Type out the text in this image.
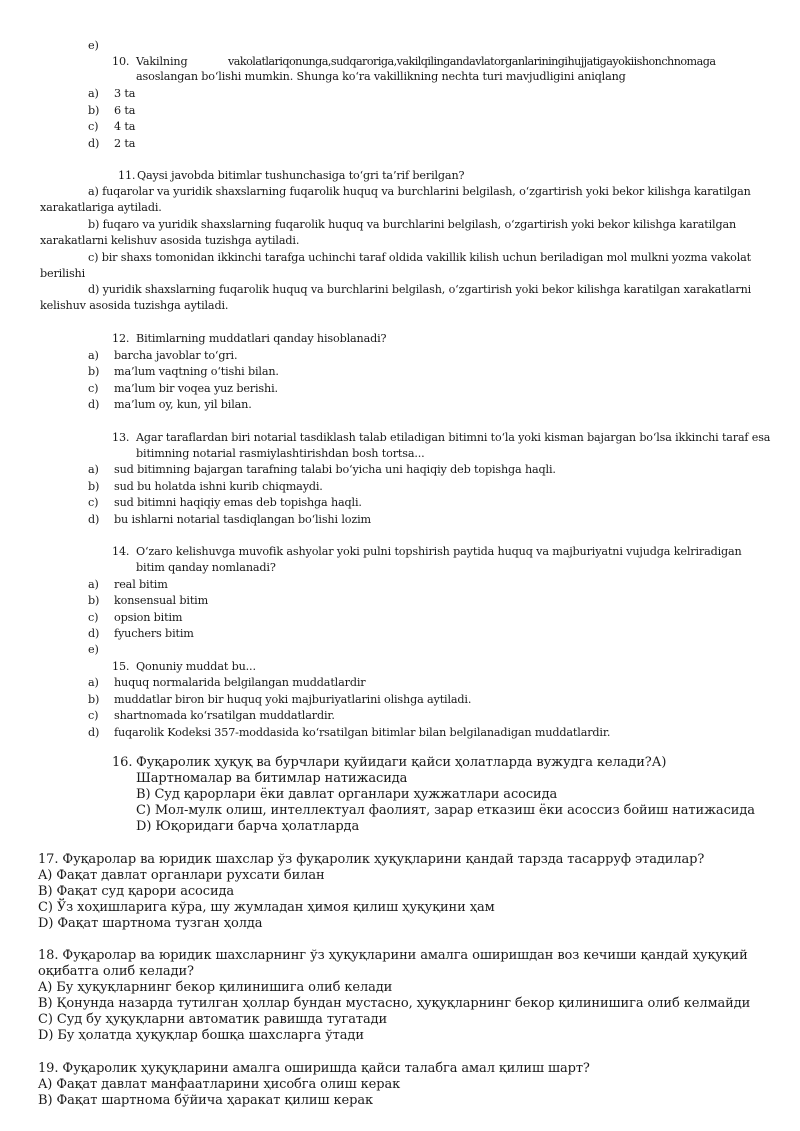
e)
10. Vakilning	vakolatlariqonunga,sudqaroriga,vakilqilingandavlatorganlariningihujjatigayokiishonchnomaga
asoslangan bo‘lishi mumkin. Shunga ko‘ra vakillikning nechta turi mavjudligini aniqlang
a) 3 ta
b) 6 ta
c) 4 ta
d) 2 ta
11. Qaysi javobda bitimlar tushunchasiga to‘gri ta’rif berilgan?
a) fuqarolar va yuridik shaxslarning fuqarolik huquq va burchlarini belgilash, o‘zgartirish yoki bekor kilishga karatilgan
xarakatlariga aytiladi.
b) fuqaro va yuridik shaxslarning fuqarolik huquq va burchlarini belgilash, o‘zgartirish yoki bekor kilishga karatilgan
xarakatlarni kelishuv asosida tuzishga aytiladi.
c) bir shaxs tomonidan ikkinchi tarafga uchinchi taraf oldida vakillik kilish uchun beriladigan mol mulkni yozma vakolat
berilishi
d) yuridik shaxslarning fuqarolik huquq va burchlarini belgilash, o‘zgartirish yoki bekor kilishga karatilgan xarakatlarni
kelishuv asosida tuzishga aytiladi.
12. Bitimlarning muddatlari qanday hisoblanadi?
a) barcha javoblar to‘gri.
b) ma’lum vaqtning o‘tishi bilan.
c) ma’lum bir voqea yuz berishi.
d) ma’lum oy, kun, yil bilan.
13. Agar taraflardan biri notarial tasdiklash talab etiladigan bitimni to‘la yoki kisman bajargan bo‘lsa ikkinchi taraf esa
bitimning notarial rasmiylashtirishdan bosh tortsa...
a) sud bitimning bajargan tarafning talabi bo‘yicha uni haqiqiy deb topishga haqli.
b) sud bu holatda ishni kurib chiqmaydi.
c) sud bitimni haqiqiy emas deb topishga haqli.
d) bu ishlarni notarial tasdiqlangan bo‘lishi lozim
14. O‘zaro kelishuvga muvofik ashyolar yoki pulni topshirish paytida huquq va majburiyatni vujudga kelriradigan
bitim qanday nomlanadi?
a) real bitim
b) konsensual bitim
c) opsion bitim
d) fyuchers bitim
e)
15. Qonuniy muddat bu...
a) huquq normalarida belgilangan muddatlardir
b) muddatlar biron bir huquq yoki majburiyatlarini olishga aytiladi.
c) shartnomada ko‘rsatilgan muddatlardir.
d) fuqarolik Kodeksi 357-moddasida ko‘rsatilgan bitimlar bilan belgilanadigan muddatlardir.
16. Фуқаролик ҳуқуқ ва бурчлари қуйидаги қайси ҳолатларда вужудга келади?А)
Шартномалар ва битимлар натижасида
B) Суд қарорлари ёки давлат органлари ҳужжатлари асосида
C) Мол-мулк олиш, интеллектуал фаолият, зарар етказиш ёки асоссиз бойиш натижасида
D) Юқоридаги барча ҳолатларда
17. Фуқаролар ва юридик шахслар ўз фуқаролик ҳуқуқларини қандай тарзда тасарруф этадилар?
A) Фақат давлат органлари рухсати билан
B) Фақат суд қарори асосида
C) Ўз хоҳишларига кўра, шу жумладан ҳимоя қилиш ҳуқуқини ҳам
D) Фақат шартнома тузган ҳолда
18. Фуқаролар ва юридик шахсларнинг ўз ҳуқуқларини амалга оширишдан воз кечиши қандай ҳуқуқий
оқибатга олиб келади?
A) Бу ҳуқуқларнинг бекор қилинишига олиб келади
B) Қонунда назарда тутилган ҳоллар бундан мустасно, ҳуқуқларнинг бекор қилинишига олиб келмайди
C) Суд бу ҳуқуқларни автоматик равишда тугатади
D) Бу ҳолатда ҳуқуқлар бошқа шахсларга ўтади
19. Фуқаролик ҳуқуқларини амалга оширишда қайси талабга амал қилиш шарт?
A) Фақат давлат манфаатларини ҳисобга олиш керак
B) Фақат шартнома бўйича ҳаракат қилиш керак
